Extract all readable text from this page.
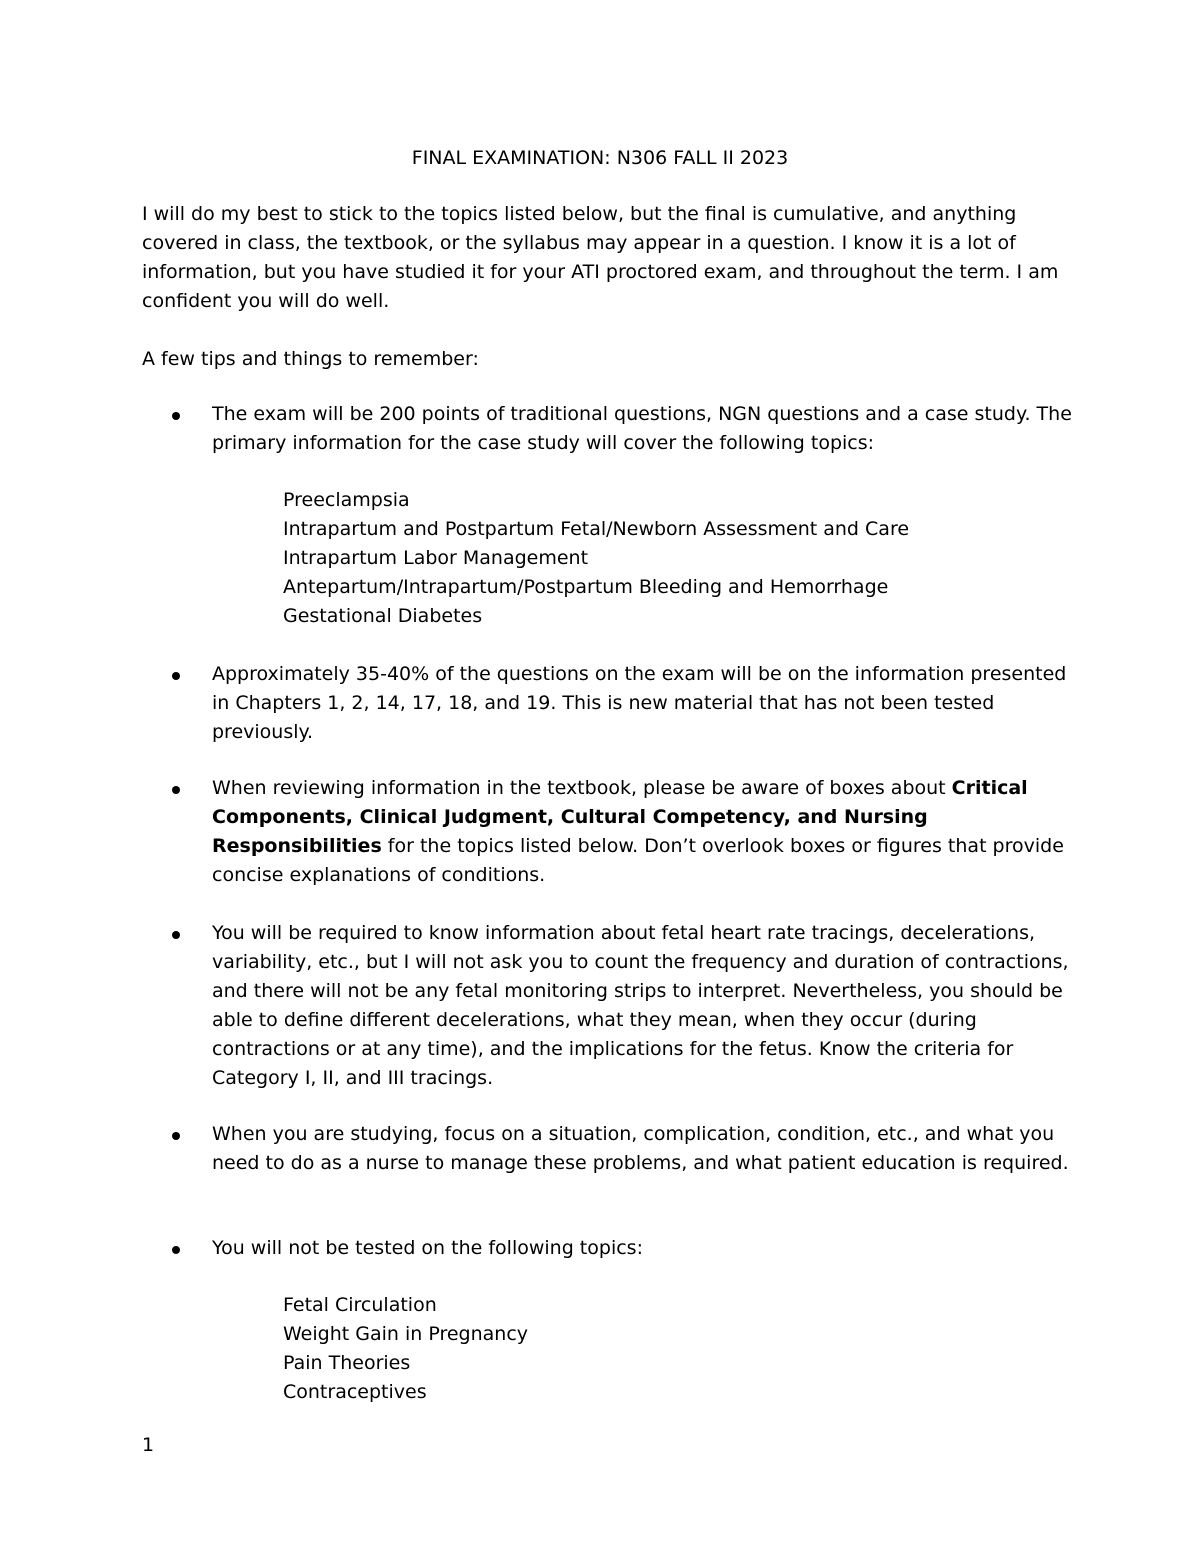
FINAL EXAMINATION: N306 FALL II 2023

I will do my best to stick to the topics listed below, but the final is cumulative, and anything covered in class, the textbook, or the syllabus may appear in a question. I know it is a lot of information, but you have studied it for your ATI proctored exam, and throughout the term. I am confident you will do well.

A few tips and things to remember:
The exam will be 200 points of traditional questions, NGN questions and a case study. The primary information for the case study will cover the following topics:
Preeclampsia
Intrapartum and Postpartum Fetal/Newborn Assessment and Care
Intrapartum Labor Management
Antepartum/Intrapartum/Postpartum Bleeding and Hemorrhage
Gestational Diabetes
Approximately 35-40% of the questions on the exam will be on the information presented in Chapters 1, 2, 14, 17, 18, and 19. This is new material that has not been tested previously.
When reviewing information in the textbook, please be aware of boxes about Critical Components, Clinical Judgment, Cultural Competency, and Nursing Responsibilities for the topics listed below. Don’t overlook boxes or figures that provide concise explanations of conditions.
You will be required to know information about fetal heart rate tracings, decelerations, variability, etc., but I will not ask you to count the frequency and duration of contractions, and there will not be any fetal monitoring strips to interpret. Nevertheless, you should be able to define different decelerations, what they mean, when they occur (during contractions or at any time), and the implications for the fetus. Know the criteria for Category I, II, and III tracings.
When you are studying, focus on a situation, complication, condition, etc., and what you need to do as a nurse to manage these problems, and what patient education is required.
You will not be tested on the following topics:
Fetal Circulation
Weight Gain in Pregnancy
Pain Theories
Contraceptives
1
